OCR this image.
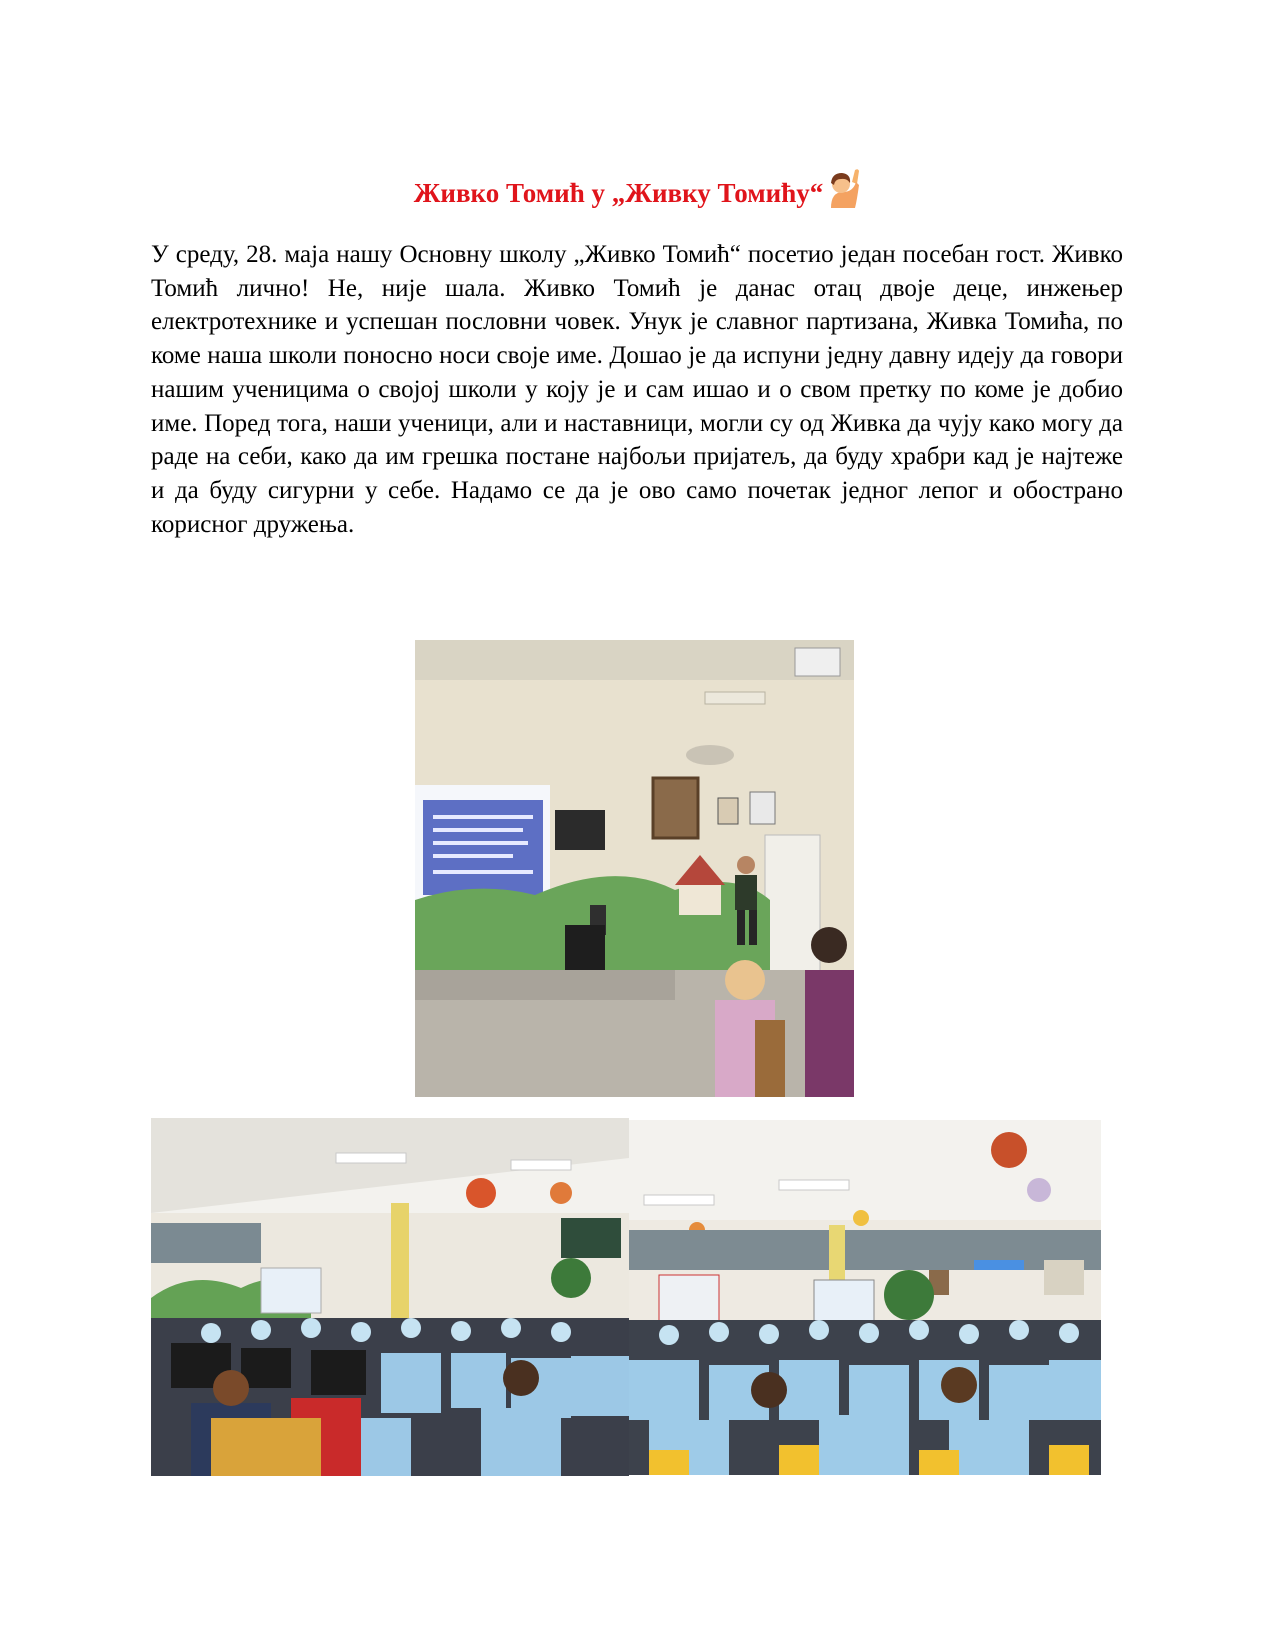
Живко Томић у „Живку Томићу“

У среду, 28. маја нашу Основну школу „Живко Томић“ посетио један посебан гост. Живко Томић лично! Не, није шала. Живко Томић је данас отац двоје деце, инжењер електротехнике и успешан пословни човек. Унук је славног партизана, Живка Томића, по коме наша школи поносно носи своје име. Дошао је да испуни једну давну идеју да говори нашим ученицима о својој школи у коју је и сам ишао и о свом претку по коме је добио име. Поред тога, наши ученици, али и наставници, могли су од Живка да чују како могу да раде на себи, како да им грешка постане најбољи пријатељ, да буду храбри кад је најтеже и да буду сигурни у себе. Надамо се да је ово само почетак једног лепог и обострано корисног дружења.
